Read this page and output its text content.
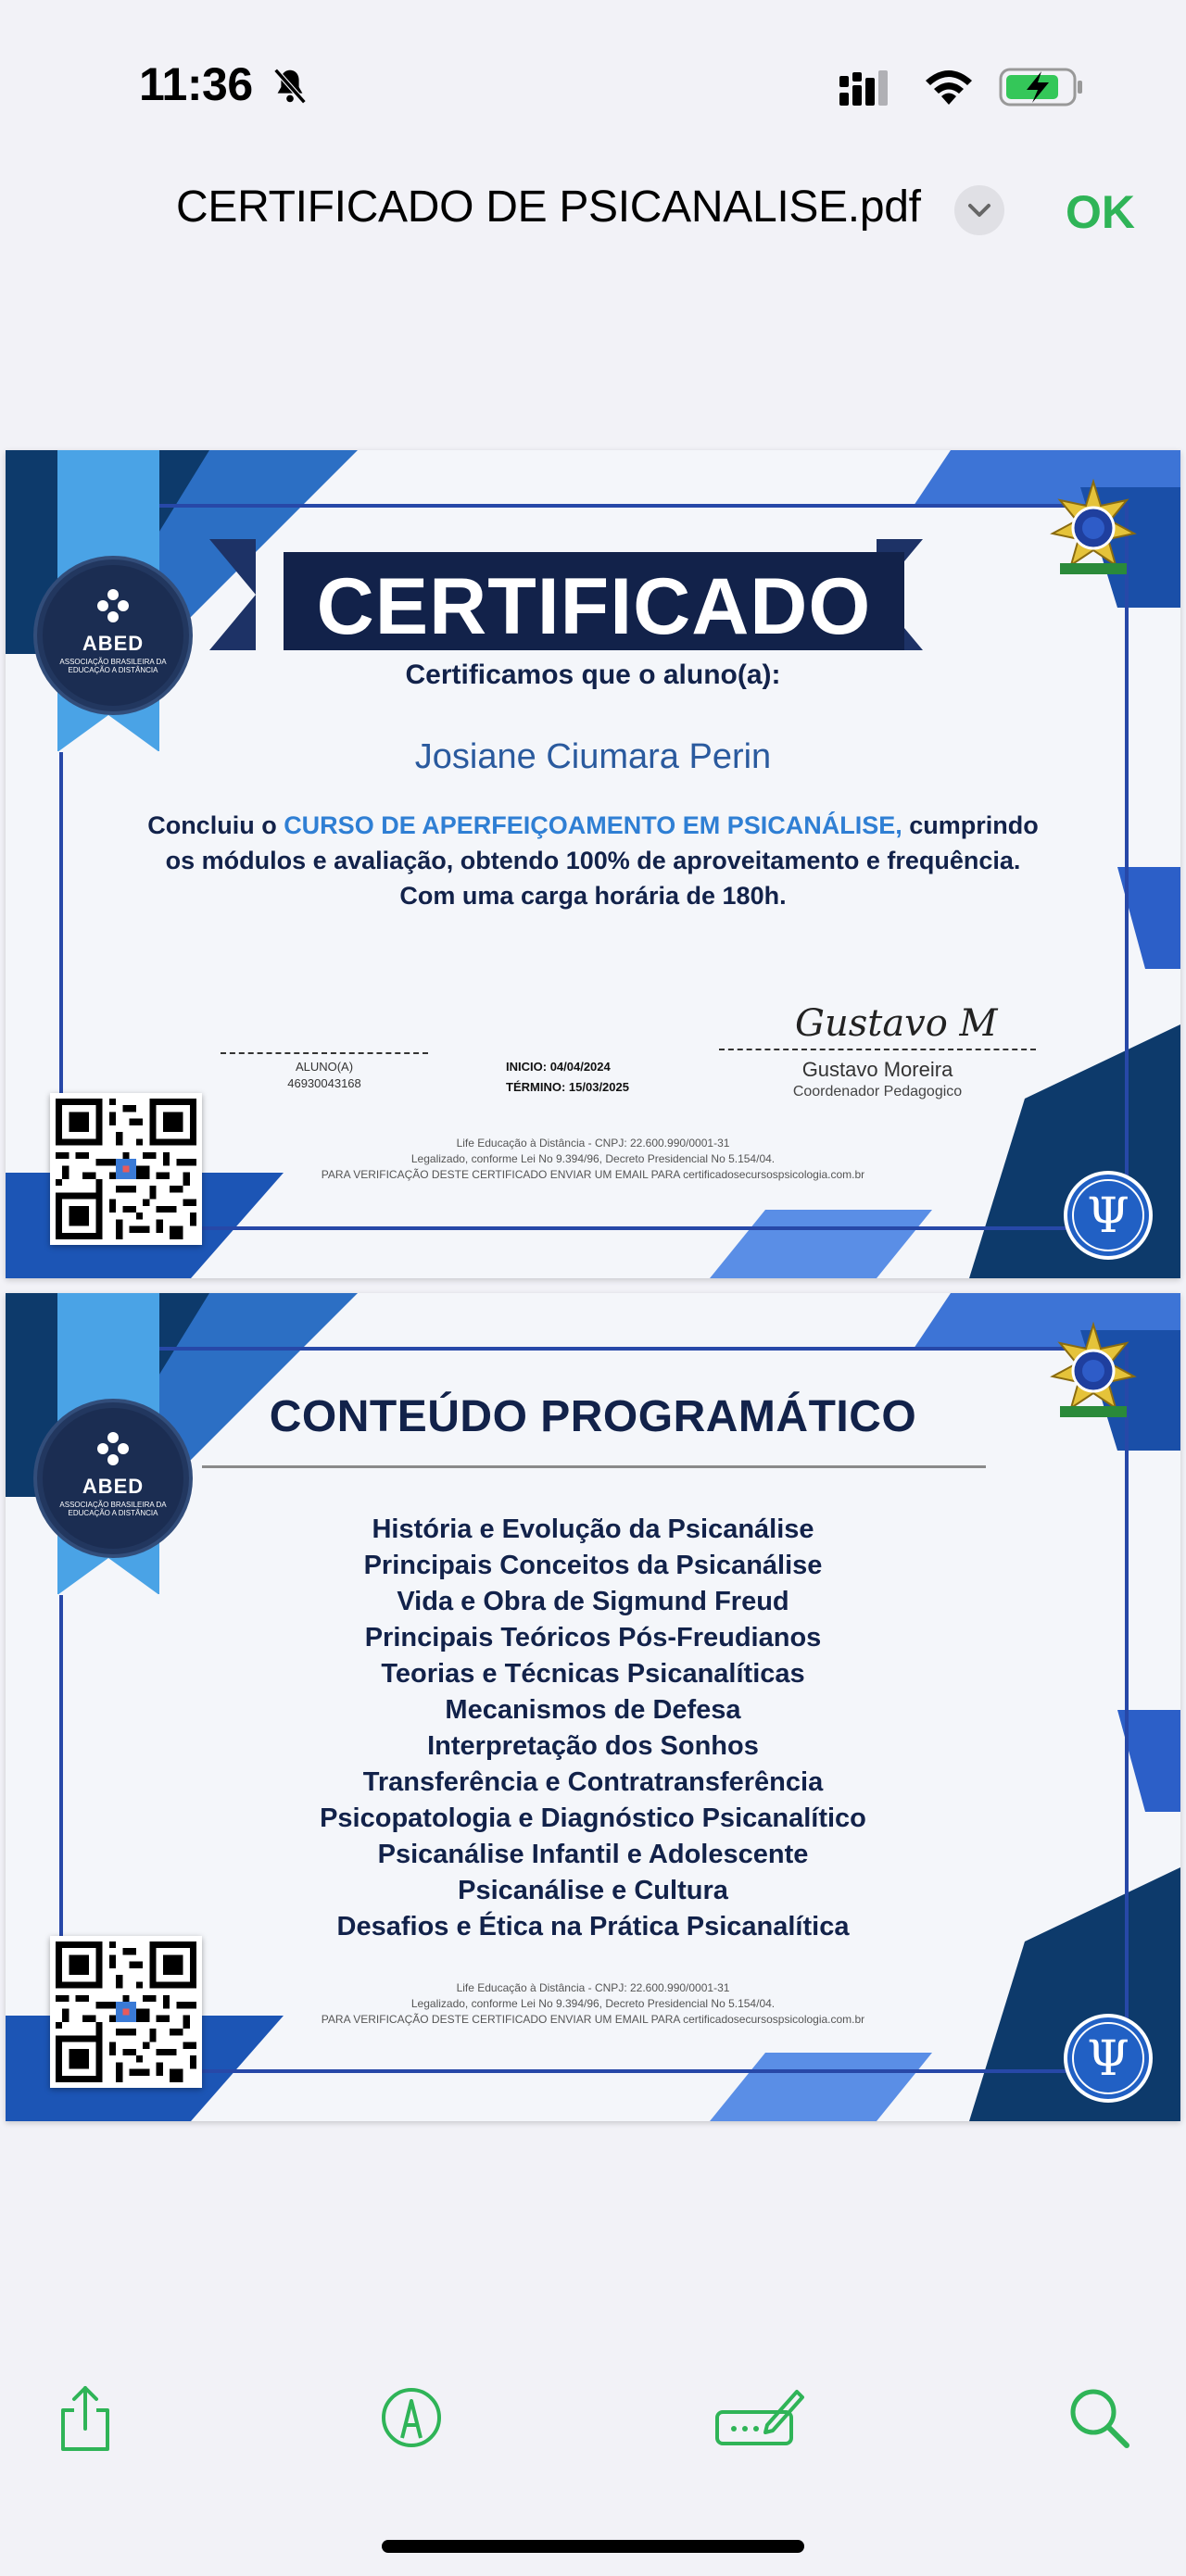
11:36
CERTIFICADO DE PSICANALISE.pdf	OK
ABED
ASSOCIAÇÃO BRASILEIRA DA EDUCAÇÃO A DISTÂNCIA
CERTIFICADO
Certificamos que o aluno(a):
Josiane Ciumara Perin
Concluiu o CURSO DE APERFEIÇOAMENTO EM PSICANÁLISE, cumprindo os módulos e avaliação, obtendo 100% de aproveitamento e frequência. Com uma carga horária de 180h.
ALUNO(A)
46930043168
INICIO: 04/04/2024
TÉRMINO: 15/03/2025
Gustavo M
Gustavo Moreira
Coordenador Pedagogico
Life Educação à Distância - CNPJ: 22.600.990/0001-31
Legalizado, conforme Lei No 9.394/96, Decreto Presidencial No 5.154/04.
PARA VERIFICAÇÃO DESTE CERTIFICADO ENVIAR UM EMAIL PARA certificadosecursospsicologia.com.br
Ψ
ABED
ASSOCIAÇÃO BRASILEIRA DA EDUCAÇÃO A DISTÂNCIA
CONTEÚDO PROGRAMÁTICO
História e Evolução da Psicanálise
Principais Conceitos da Psicanálise
Vida e Obra de Sigmund Freud
Principais Teóricos Pós-Freudianos
Teorias e Técnicas Psicanalíticas
Mecanismos de Defesa
Interpretação dos Sonhos
Transferência e Contratransferência
Psicopatologia e Diagnóstico Psicanalítico
Psicanálise Infantil e Adolescente
Psicanálise e Cultura
Desafios e Ética na Prática Psicanalítica
Life Educação à Distância - CNPJ: 22.600.990/0001-31
Legalizado, conforme Lei No 9.394/96, Decreto Presidencial No 5.154/04.
PARA VERIFICAÇÃO DESTE CERTIFICADO ENVIAR UM EMAIL PARA certificadosecursospsicologia.com.br
Ψ
